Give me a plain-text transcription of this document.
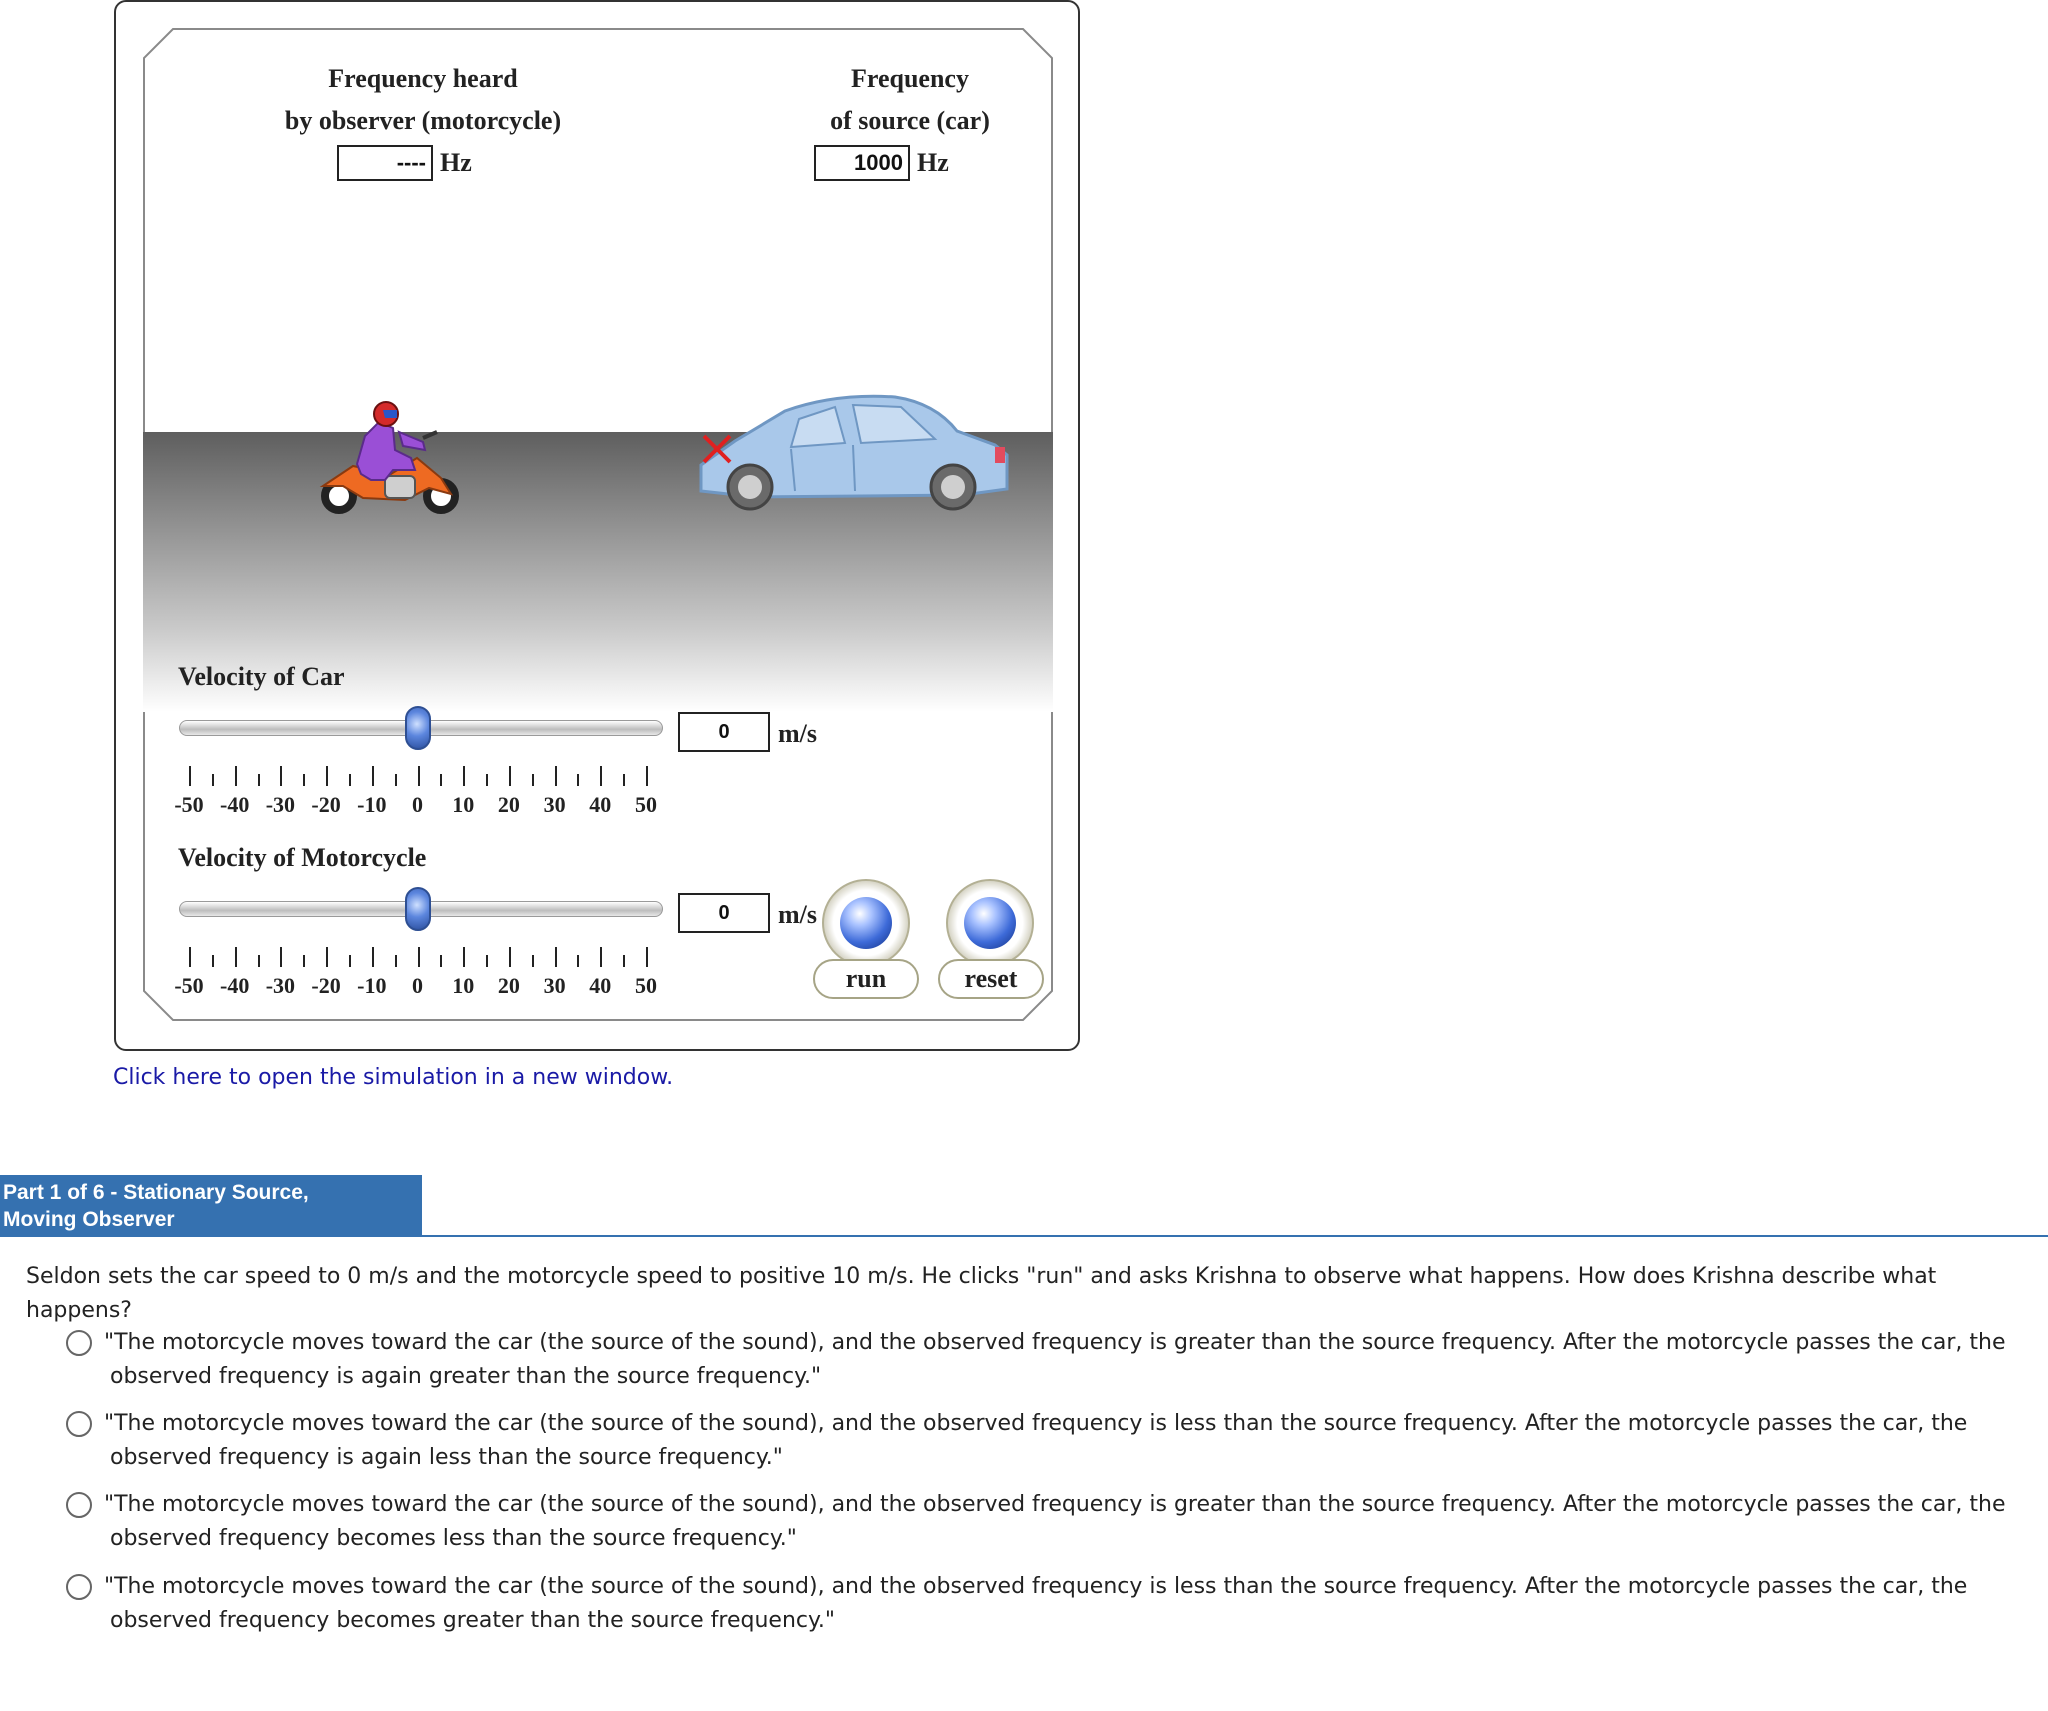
Frequency heard
by observer (motorcycle)
---- Hz
Frequency
of source (car)
1000 Hz
Velocity of Car
0	m/s
Velocity of Motorcycle
0	m/s
run	reset
-50 -40 -30 -20 -10	0	10	20	30	40	50
-50 -40 -30 -20 -10	0	10	20	30	40	50
Click here to open the simulation in a new window.
Part 1 of 6 - Stationary Source,
Moving Observer
Seldon sets the car speed to 0 m/s and the motorcycle speed to positive 10 m/s. He clicks "run" and asks Krishna to observe what happens. How does Krishna describe what happens?
"The motorcycle moves toward the car (the source of the sound), and the observed frequency is greater than the source frequency. After the motorcycle passes the car, the observed frequency is again greater than the source frequency."
"The motorcycle moves toward the car (the source of the sound), and the observed frequency is less than the source frequency. After the motorcycle passes the car, the observed frequency is again less than the source frequency."
"The motorcycle moves toward the car (the source of the sound), and the observed frequency is greater than the source frequency. After the motorcycle passes the car, the observed frequency becomes less than the source frequency."
"The motorcycle moves toward the car (the source of the sound), and the observed frequency is less than the source frequency. After the motorcycle passes the car, the observed frequency becomes greater than the source frequency."
